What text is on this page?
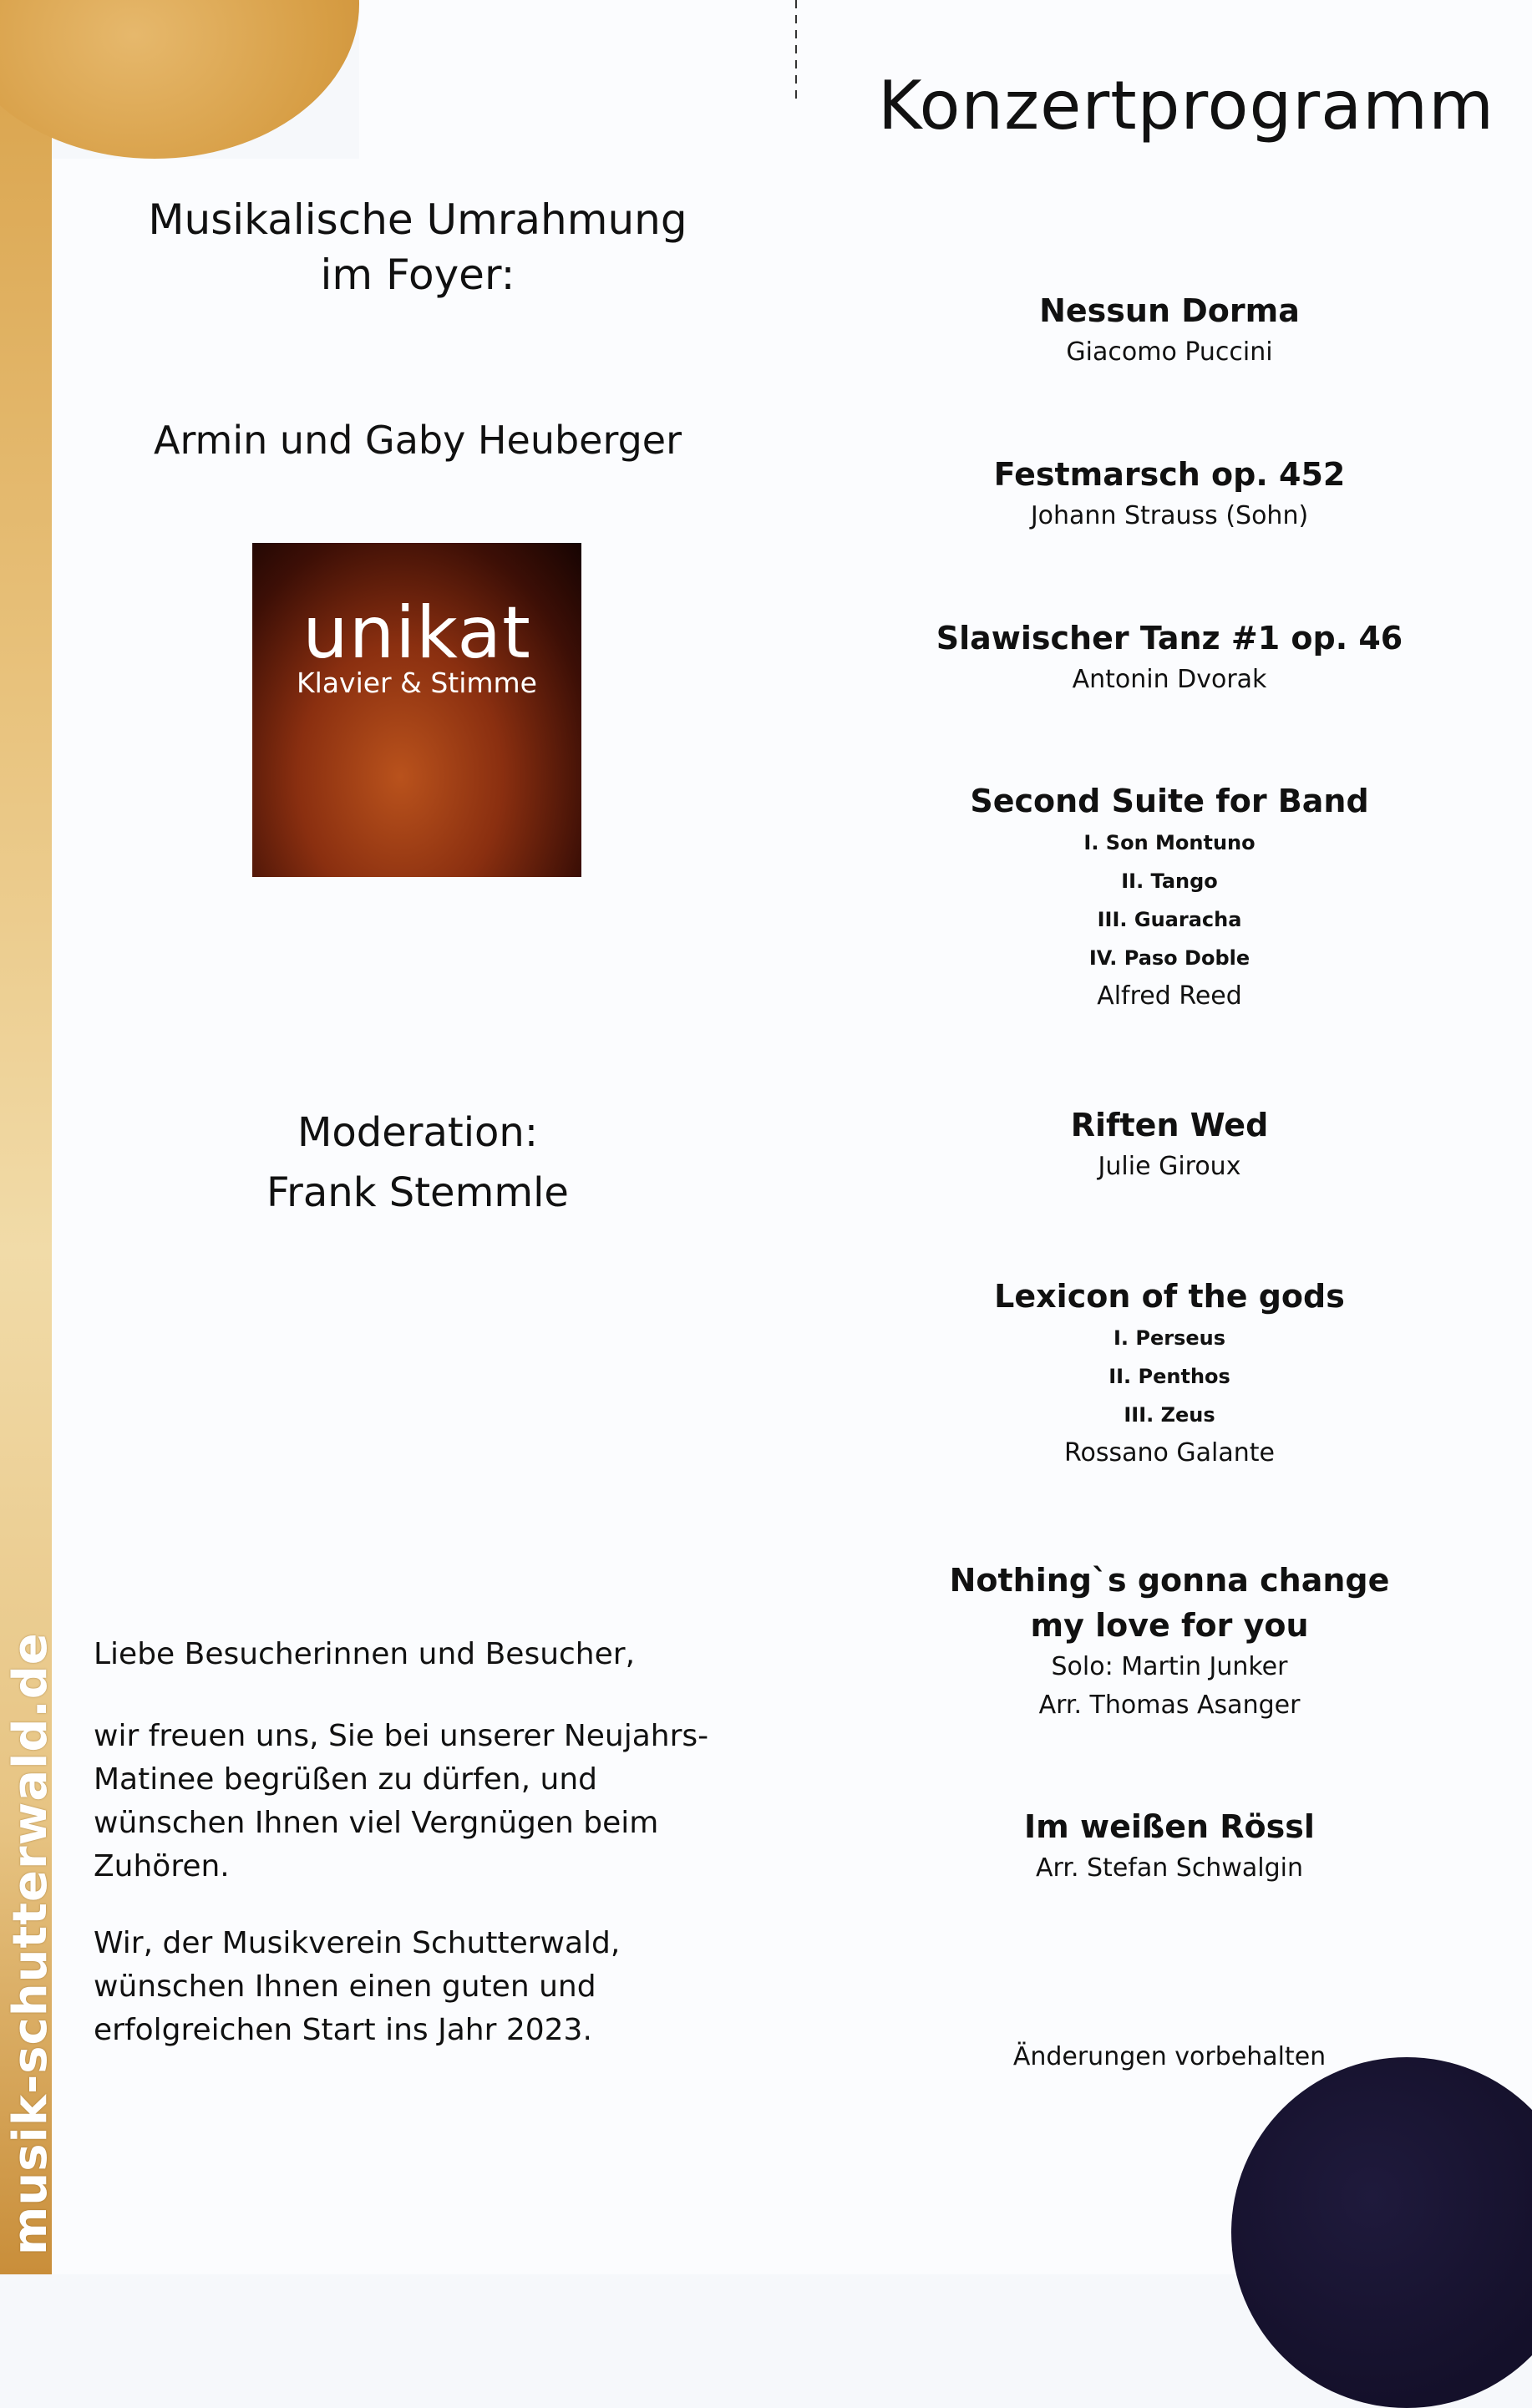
musik-schutterwald.de

Musikalische Umrahmung

im Foyer:

Armin und Gaby Heuberger
unikat
Klavier & Stimme
Moderation:
Frank Stemmle

Liebe Besucherinnen und Besucher,

wir freuen uns, Sie bei unserer Neujahrs-
Matinee begrüßen zu dürfen, und
wünschen Ihnen viel Vergnügen beim Zuhören.

Wir, der Musikverein Schutterwald,
wünschen Ihnen einen guten und
erfolgreichen Start ins Jahr 2023.

Konzertprogramm
Nessun Dorma
Giacomo Puccini
Festmarsch op. 452
Johann Strauss (Sohn)
Slawischer Tanz #1 op. 46
Antonin Dvorak
Second Suite for Band
I. Son Montuno
II. Tango
III. Guaracha
IV. Paso Doble
Alfred Reed
Riften Wed
Julie Giroux
Lexicon of the gods
I. Perseus
II. Penthos
III. Zeus
Rossano Galante
Nothing`s gonna change
my love for you
Solo: Martin Junker
Arr. Thomas Asanger
Im weißen Rössl
Arr. Stefan Schwalgin
Änderungen vorbehalten
